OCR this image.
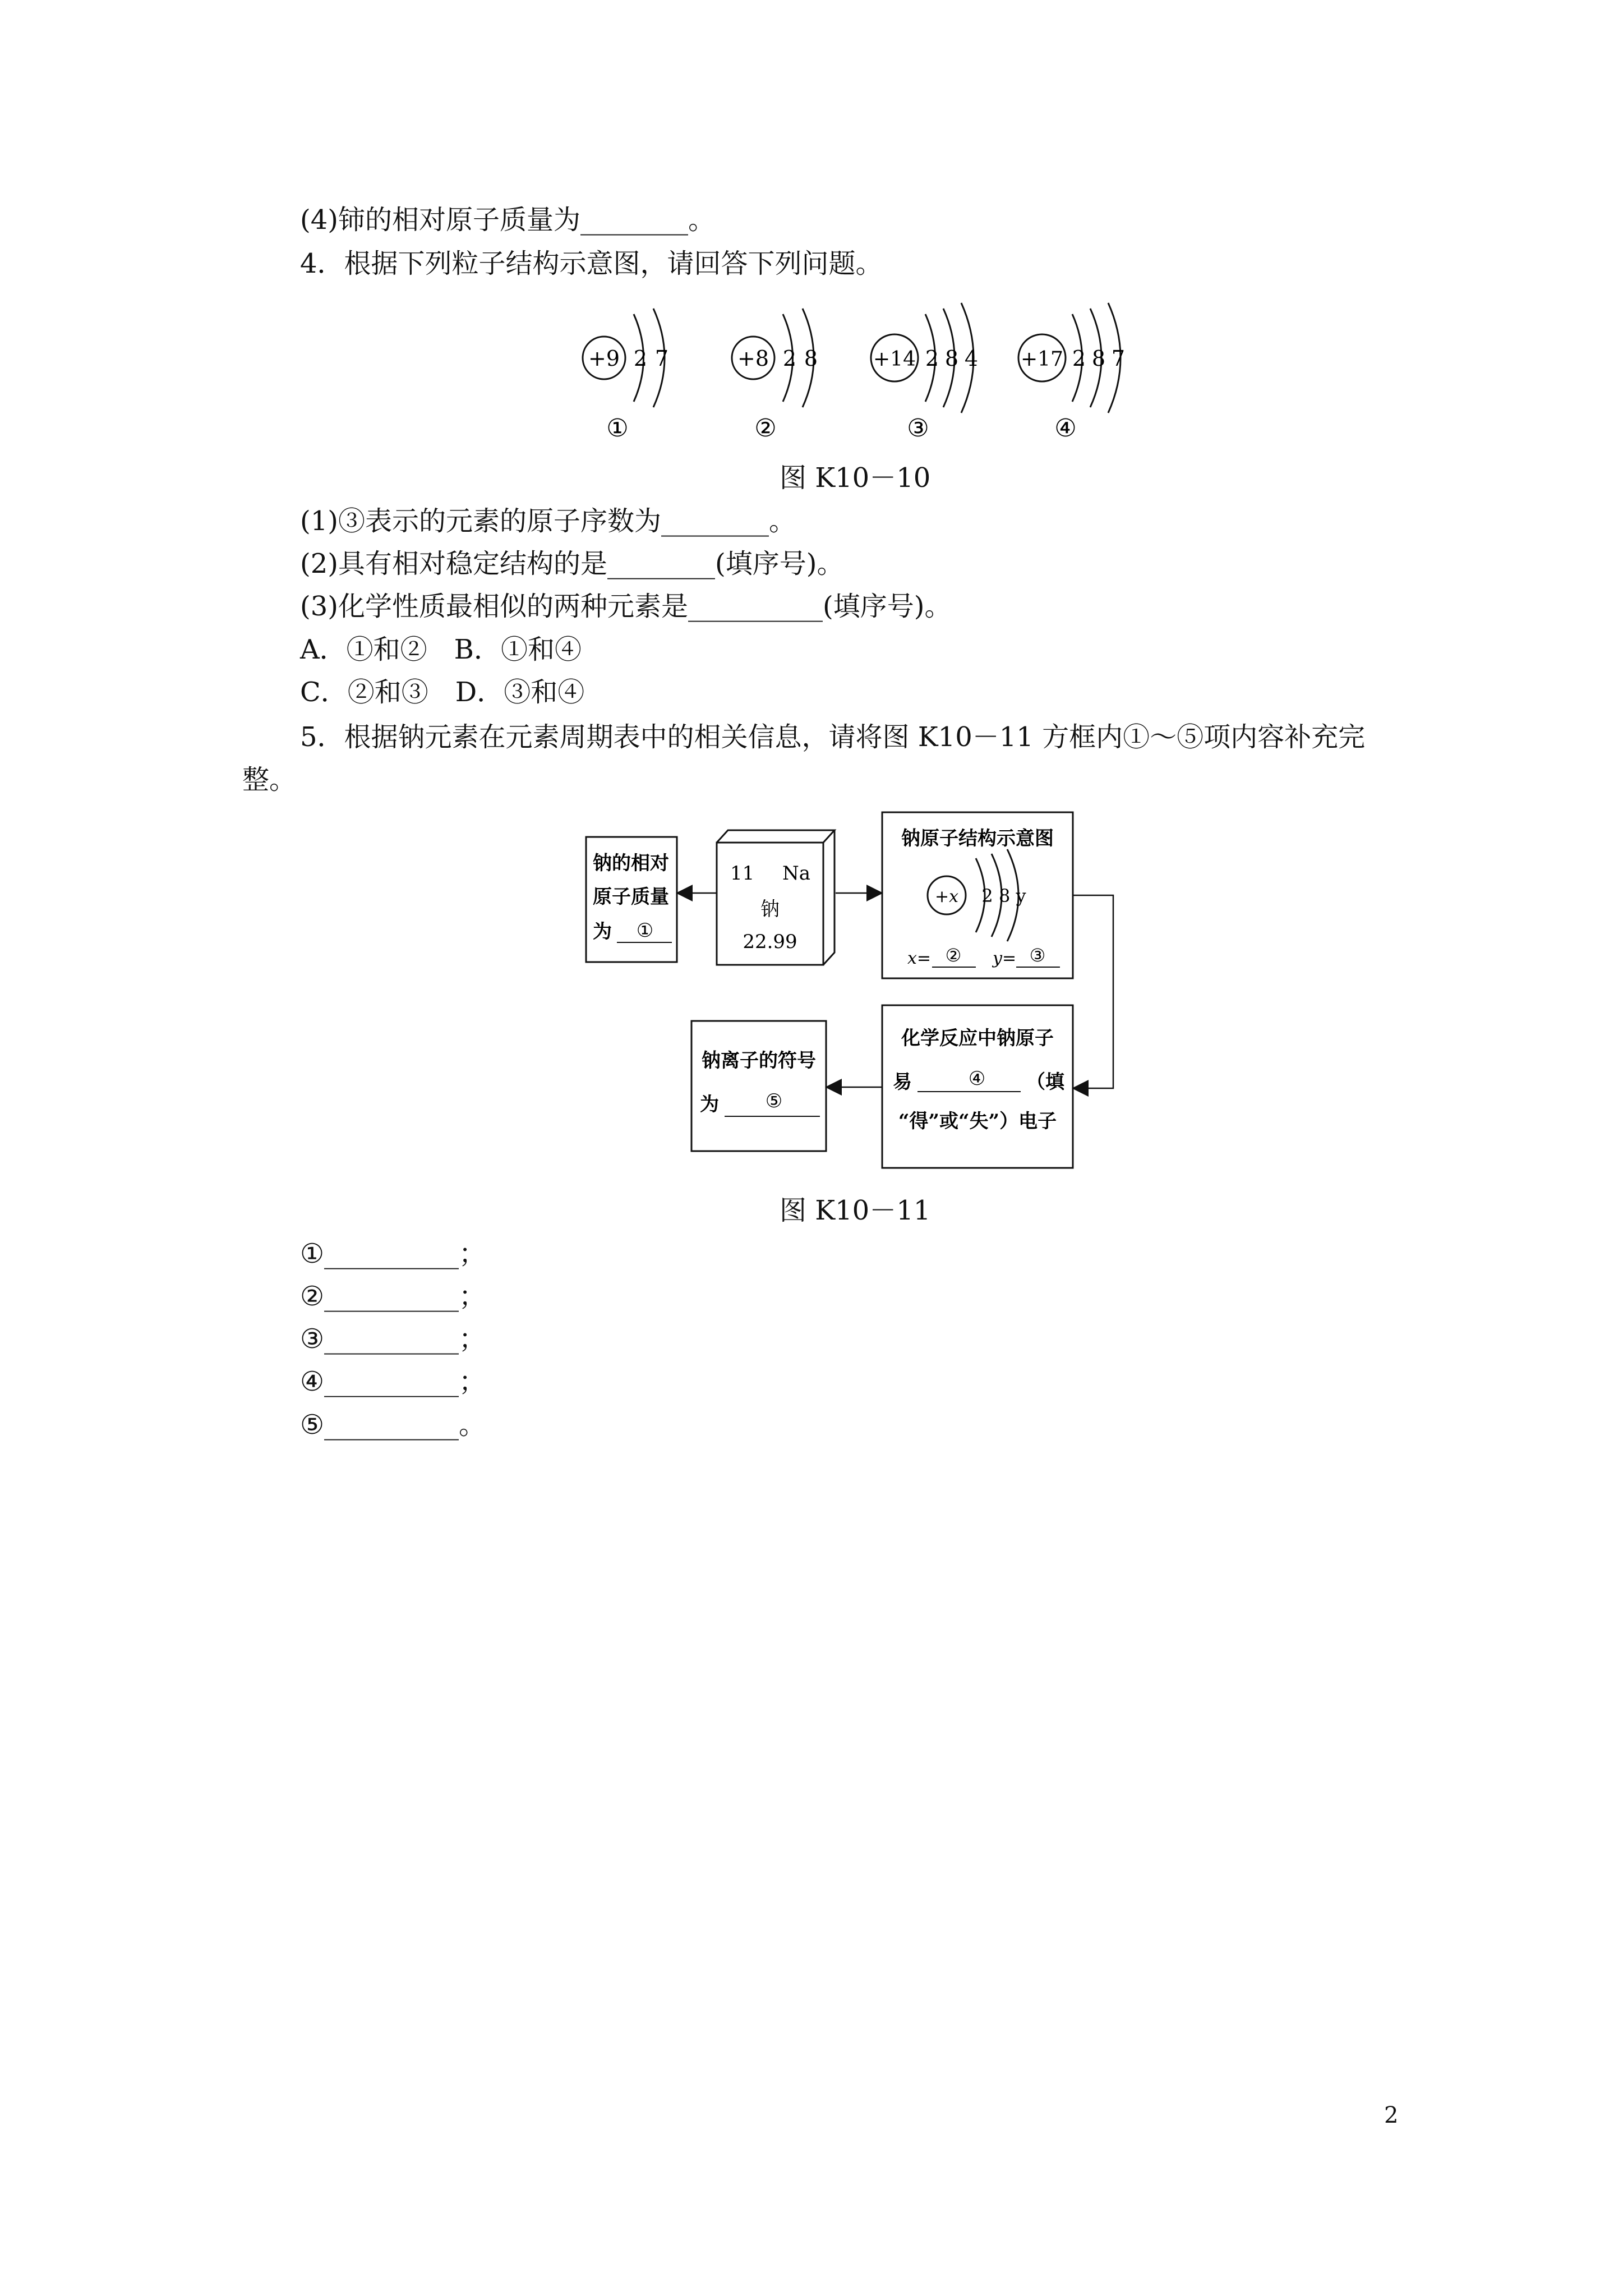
(4)铈的相对原子质量为________。
4．根据下列粒子结构示意图，请回答下列问题。
+9 2 7	+8 2 8	+14 2 8 4 +17 2 8 7
①	②	③	④
图 K10－10
(1)③表示的元素的原子序数为________。
(2)具有相对稳定结构的是________(填序号)。
(3)化学性质最相似的两种元素是__________(填序号)。
A．①和②　B．①和④
C．②和③　D．③和④
5．根据钠元素在元素周期表中的相关信息，请将图 K10－11 方框内①～⑤项内容补充完
整。
钠的相对
原子质量
为 ①
11 Na
钠
22.99
钠原子结构示意图
+x 2 8 y
x= ② y= ③
化学反应中钠原子
易	④ （填
“得”或“失”）电子
钠离子的符号
为 ⑤
图 K10－11
①__________；
②__________；
③__________；
④__________；
⑤__________。
2
